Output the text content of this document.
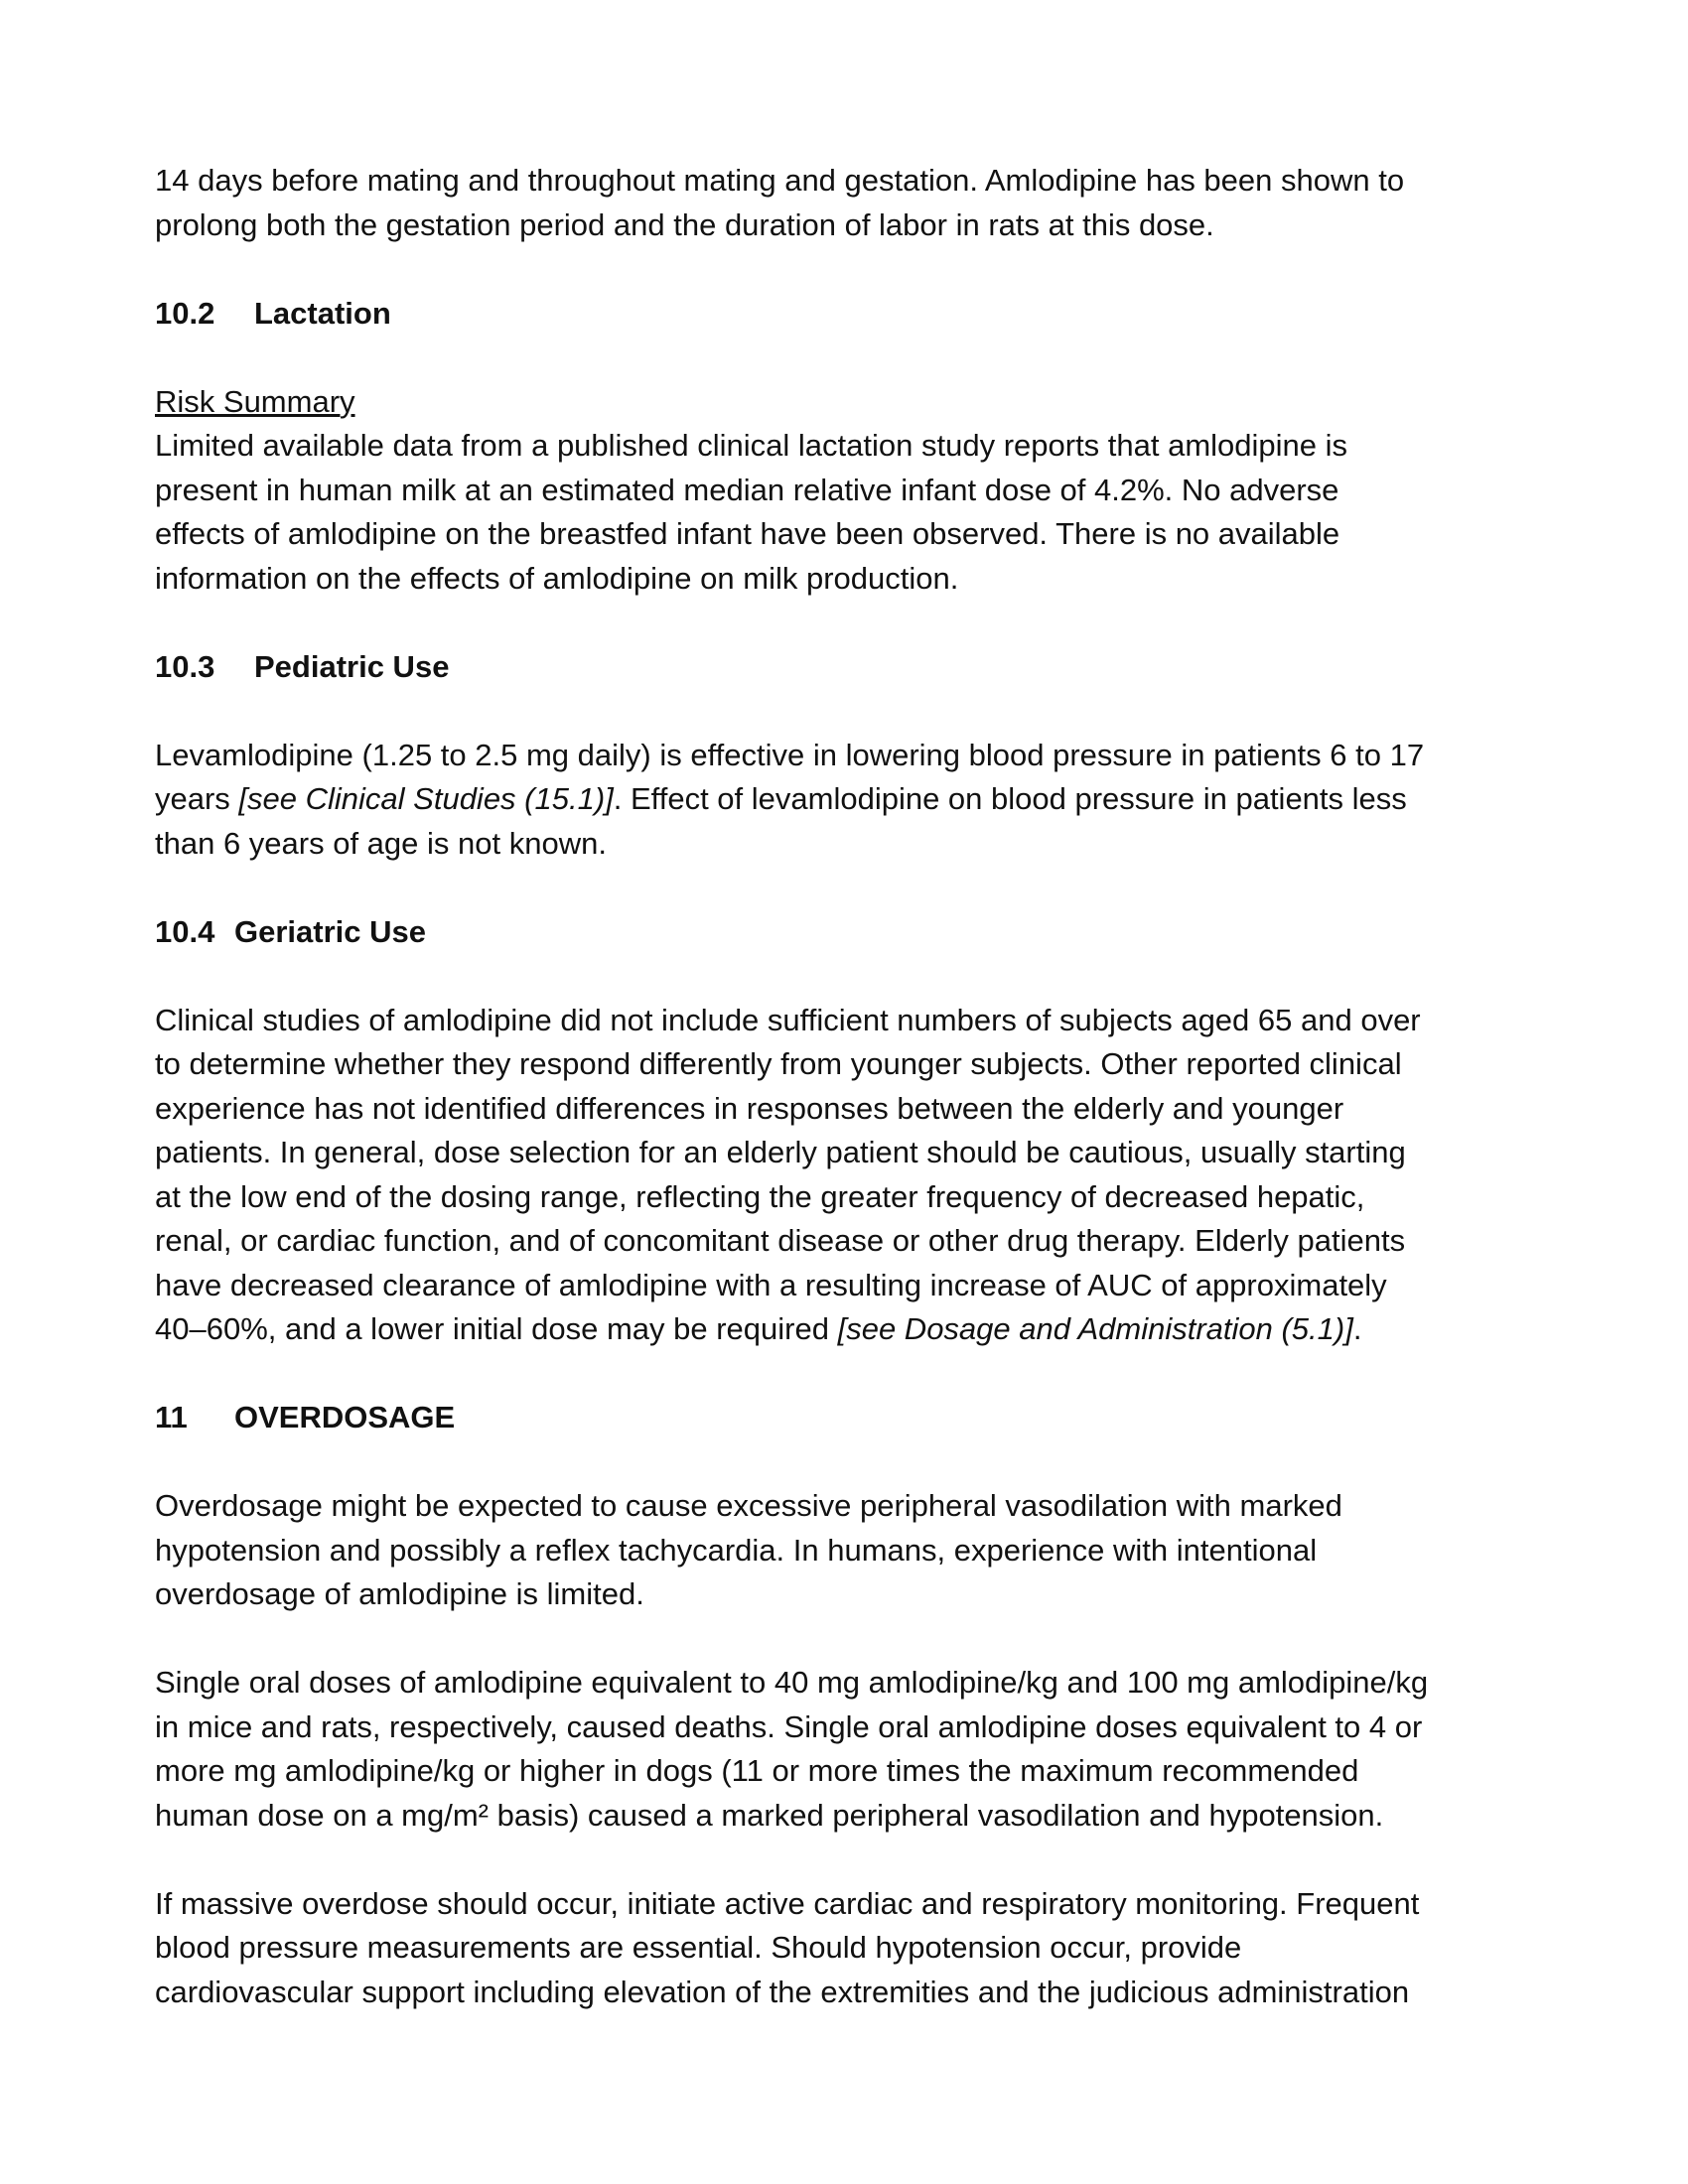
14 days before mating and throughout mating and gestation. Amlodipine has been shown to

prolong both the gestation period and the duration of labor in rats at this dose.

10.2 Lactation

Risk Summary

Limited available data from a published clinical lactation study reports that amlodipine is

present in human milk at an estimated median relative infant dose of 4.2%. No adverse

effects of amlodipine on the breastfed infant have been observed. There is no available

information on the effects of amlodipine on milk production.

10.3 Pediatric Use

Levamlodipine (1.25 to 2.5 mg daily) is effective in lowering blood pressure in patients 6 to 17

years [see Clinical Studies (15.1)]. Effect of levamlodipine on blood pressure in patients less

than 6 years of age is not known.

10.4 Geriatric Use

Clinical studies of amlodipine did not include sufficient numbers of subjects aged 65 and over

to determine whether they respond differently from younger subjects. Other reported clinical

experience has not identified differences in responses between the elderly and younger

patients. In general, dose selection for an elderly patient should be cautious, usually starting

at the low end of the dosing range, reflecting the greater frequency of decreased hepatic,

renal, or cardiac function, and of concomitant disease or other drug therapy. Elderly patients

have decreased clearance of amlodipine with a resulting increase of AUC of approximately

40–60%, and a lower initial dose may be required [see Dosage and Administration (5.1)].

11 OVERDOSAGE

Overdosage might be expected to cause excessive peripheral vasodilation with marked

hypotension and possibly a reflex tachycardia. In humans, experience with intentional

overdosage of amlodipine is limited.

Single oral doses of amlodipine equivalent to 40 mg amlodipine/kg and 100 mg amlodipine/kg

in mice and rats, respectively, caused deaths. Single oral amlodipine doses equivalent to 4 or

more mg amlodipine/kg or higher in dogs (11 or more times the maximum recommended

human dose on a mg/m² basis) caused a marked peripheral vasodilation and hypotension.

If massive overdose should occur, initiate active cardiac and respiratory monitoring. Frequent

blood pressure measurements are essential. Should hypotension occur, provide

cardiovascular support including elevation of the extremities and the judicious administration
